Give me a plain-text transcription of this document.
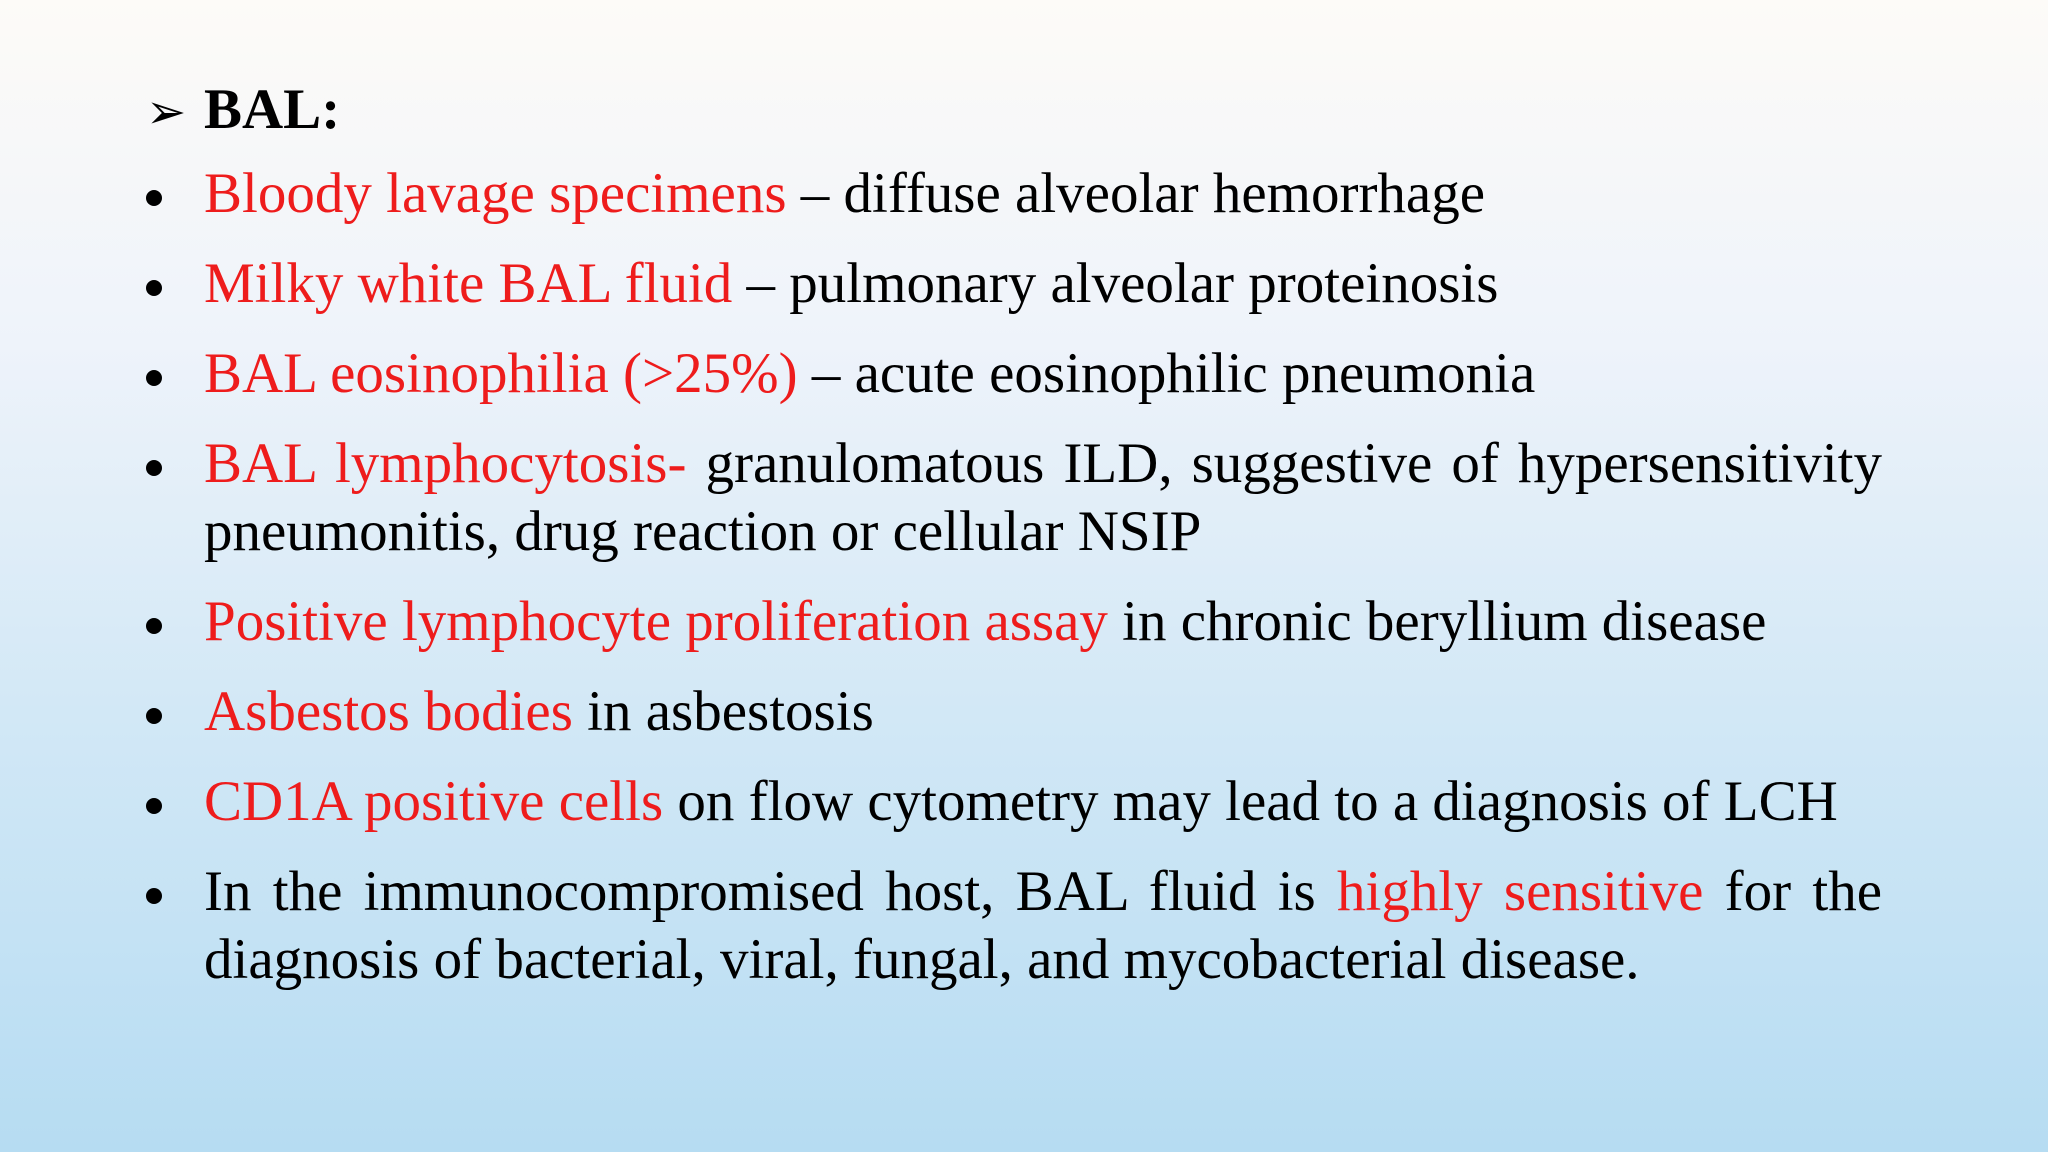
➢ BAL:
Bloody lavage specimens – diffuse alveolar hemorrhage
Milky white BAL fluid – pulmonary alveolar proteinosis
BAL eosinophilia (>25%) – acute eosinophilic pneumonia
BAL lymphocytosis- granulomatous ILD, suggestive of hypersensitivity pneumonitis, drug reaction or cellular NSIP
Positive lymphocyte proliferation assay in chronic beryllium disease
Asbestos bodies in asbestosis
CD1A positive cells on flow cytometry may lead to a diagnosis of LCH
In the immunocompromised host, BAL fluid is highly sensitive for the diagnosis of bacterial, viral, fungal, and mycobacterial disease.
